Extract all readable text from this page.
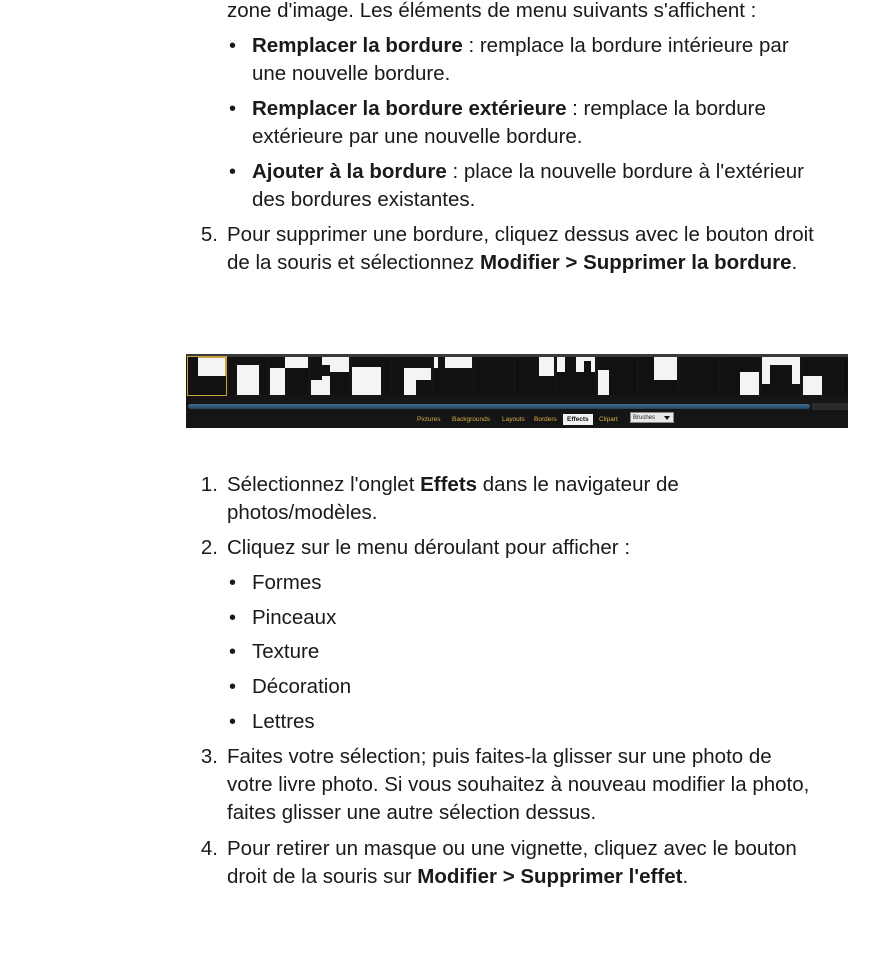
zone d'image. Les éléments de menu suivants s'affichent :
• Remplacer la bordure : remplace la bordure intérieure par
une nouvelle bordure.
• Remplacer la bordure extérieure : remplace la bordure
extérieure par une nouvelle bordure.
• Ajouter à la bordure : place la nouvelle bordure à l'extérieur
des bordures existantes.
5. Pour supprimer une bordure, cliquez dessus avec le bouton droit
de la souris et sélectionnez Modifier > Supprimer la bordure.
Pictures Backgrounds Layouts Borders	Effects	Clipart	Brushes
1. Sélectionnez l'onglet Effets dans le navigateur de
photos/modèles.
2. Cliquez sur le menu déroulant pour afficher :
• Formes
• Pinceaux
• Texture
• Décoration
• Lettres
3. Faites votre sélection; puis faites-la glisser sur une photo de
votre livre photo. Si vous souhaitez à nouveau modifier la photo,
faites glisser une autre sélection dessus.
4. Pour retirer un masque ou une vignette, cliquez avec le bouton
droit de la souris sur Modifier > Supprimer l'effet.
